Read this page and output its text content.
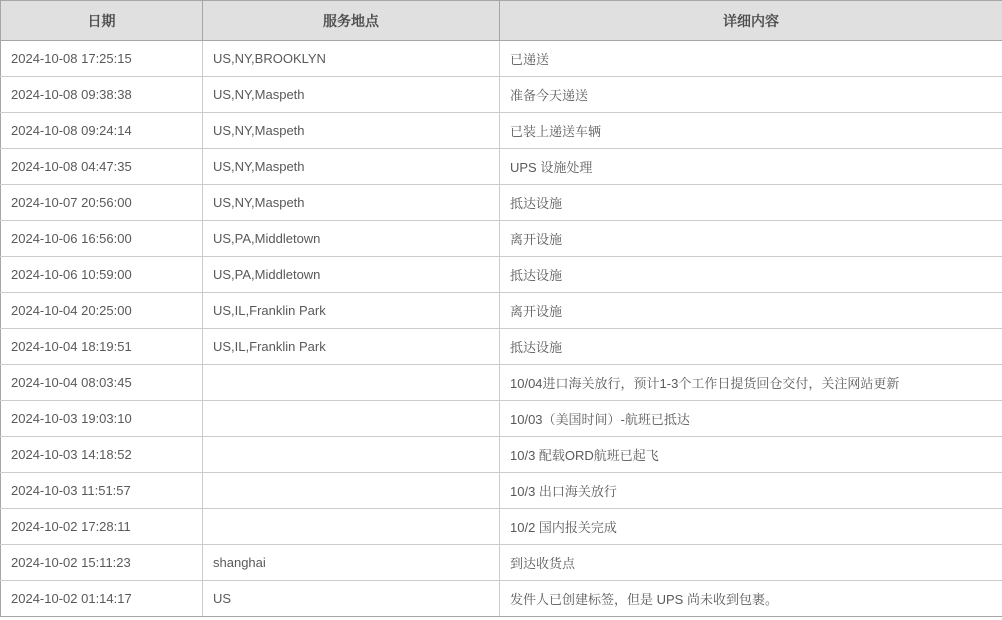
日期	服务地点	详细内容
2024-10-08 17:25:15	US,NY,BROOKLYN	已递送
2024-10-08 09:38:38	US,NY,Maspeth	准备今天递送
2024-10-08 09:24:14	US,NY,Maspeth	已装上递送车辆
2024-10-08 04:47:35	US,NY,Maspeth	UPS 设施处理
2024-10-07 20:56:00	US,NY,Maspeth	抵达设施
2024-10-06 16:56:00	US,PA,Middletown	离开设施
2024-10-06 10:59:00	US,PA,Middletown	抵达设施
2024-10-04 20:25:00	US,IL,Franklin Park	离开设施
2024-10-04 18:19:51	US,IL,Franklin Park	抵达设施
2024-10-04 08:03:45		10/04进口海关放行，预计1-3个工作日提货回仓交付，关注网站更新
2024-10-03 19:03:10		10/03（美国时间）-航班已抵达
2024-10-03 14:18:52		10/3 配载ORD航班已起飞
2024-10-03 11:51:57		10/3 出口海关放行
2024-10-02 17:28:11		10/2 国内报关完成
2024-10-02 15:11:23	shanghai	到达收货点
2024-10-02 01:14:17	US	发件人已创建标签，但是 UPS 尚未收到包裹。
